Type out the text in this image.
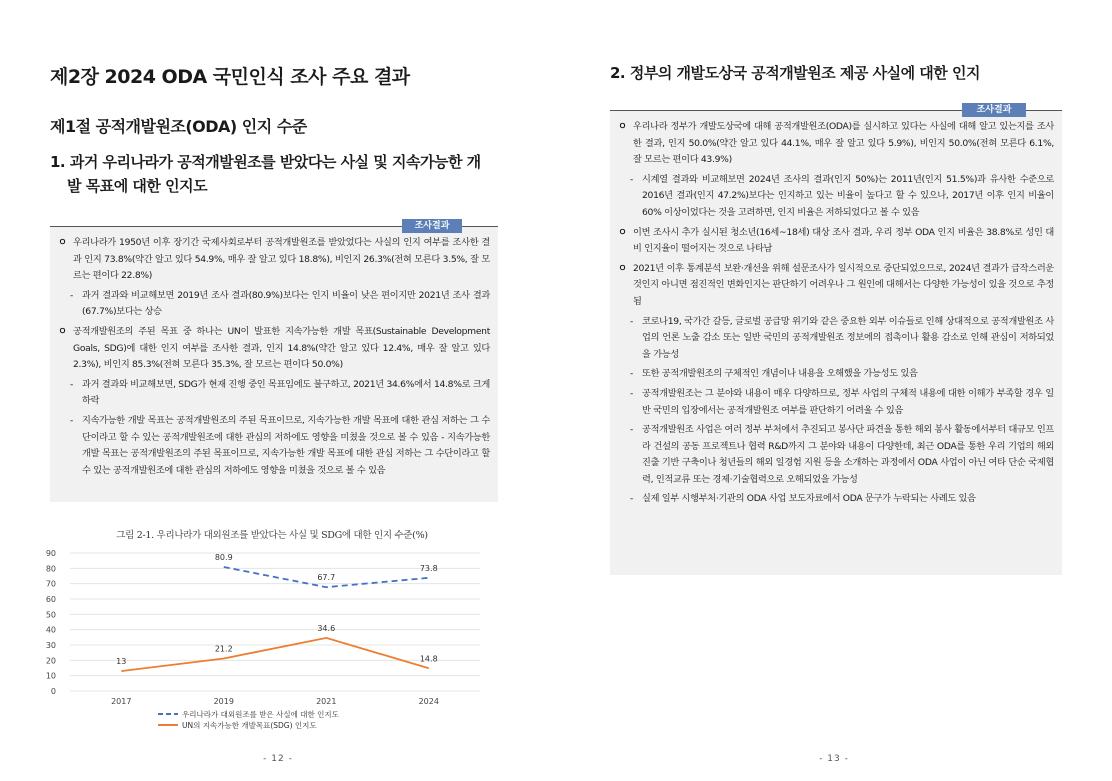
제2장 2024 ODA 국민인식 조사 주요 결과
제1절 공적개발원조(ODA) 인지 수준
1. 과거 우리나라가 공적개발원조를 받았다는 사실 및 지속가능한 개
발 목표에 대한 인지도
조사결과
ㅇ 우리나라가 1950년 이후 장기간 국제사회로부터 공적개발원조를 받았었다는 사실의 인지 여부를 조사한 결과 인지 73.8%(약간 알고 있다 54.9%, 매우 잘 알고 있다 18.8%), 비인지 26.3%(전혀 모른다 3.5%, 잘 모르는 편이다 22.8%)
- 과거 결과와 비교해보면 2019년 조사 결과(80.9%)보다는 인지 비율이 낮은 편이지만 2021년 조사 결과(67.7%)보다는 상승
ㅇ 공적개발원조의 주된 목표 중 하나는 UN이 발표한 지속가능한 개발 목표(Sustainable Development Goals, SDG)에 대한 인지 여부를 조사한 결과, 인지 14.8%(약간 알고 있다 12.4%, 매우 잘 알고 있다 2.3%), 비인지 85.3%(전혀 모른다 35.3%, 잘 모르는 편이다 50.0%)
- 과거 결과와 비교해보면, SDG가 현재 진행 중인 목표임에도 불구하고, 2021년 34.6%에서 14.8%로 크게 하락
- 지속가능한 개발 목표는 공적개발원조의 주된 목표이므로, 지속가능한 개발 목표에 대한 관심 저하는 그 수단이라고 할 수 있는 공적개발원조에 대한 관심의 저하에도 영향을 미쳤을 것으로 볼 수 있음 - 지속가능한 개발 목표는 공적개발원조의 주된 목표이므로, 지속가능한 개발 목표에 대한 관심 저하는 그 수단이라고 할 수 있는 공적개발원조에 대한 관심의 저하에도 영향을 미쳤을 것으로 볼 수 있음
그림 2-1. 우리나라가 대외원조를 받았다는 사실 및 SDG에 대한 인지 수준(%)
0
10
20
30
40
50
60
70
80
90
2017	2019	2021	2024
80.9
67.7
73.8
13
21.2
34.6
14.8
우리나라가 대외원조를 받은 사실에 대한 인지도
UN의 지속가능한 개발목표(SDG) 인지도
- 12 -
2. 정부의 개발도상국 공적개발원조 제공 사실에 대한 인지
조사결과
ㅇ 우리나라 정부가 개발도상국에 대해 공적개발원조(ODA)를 실시하고 있다는 사실에 대해 알고 있는지를 조사한 결과, 인지 50.0%(약간 알고 있다 44.1%, 매우 잘 알고 있다 5.9%), 비인지 50.0%(전혀 모른다 6.1%, 잘 모르는 편이다 43.9%)
- 시계열 결과와 비교해보면 2024년 조사의 결과(인지 50%)는 2011년(인지 51.5%)과 유사한 수준으로 2016년 결과(인지 47.2%)보다는 인지하고 있는 비율이 높다고 할 수 있으나, 2017년 이후 인지 비율이 60% 이상이었다는 것을 고려하면, 인지 비율은 저하되었다고 볼 수 있음
ㅇ 이번 조사시 추가 실시된 청소년(16세~18세) 대상 조사 결과, 우리 정부 ODA 인지 비율은 38.8%로 성인 대비 인지율이 떨어지는 것으로 나타남
ㅇ 2021년 이후 통계분석 보완·개선을 위해 설문조사가 일시적으로 중단되었으므로, 2024년 결과가 급작스러운 것인지 아니면 점진적인 변화인지는 판단하기 어려우나 그 원인에 대해서는 다양한 가능성이 있을 것으로 추정됨
- 코로나19, 국가간 갈등, 글로벌 공급망 위기와 같은 중요한 외부 이슈들로 인해 상대적으로 공적개발원조 사업의 언론 노출 감소 또는 일반 국민의 공적개발원조 정보에의 접촉이나 활용 감소로 인해 관심이 저하되었을 가능성
- 또한 공적개발원조의 구체적인 개념이나 내용을 오해했을 가능성도 있음
- 공적개발원조는 그 분야와 내용이 매우 다양하므로, 정부 사업의 구체적 내용에 대한 이해가 부족할 경우 일반 국민의 입장에서는 공적개발원조 여부를 판단하기 어려울 수 있음
- 공적개발원조 사업은 여러 정부 부처에서 추진되고 봉사단 파견을 통한 해외 봉사 활동에서부터 대규모 인프라 건설의 공동 프로젝트나 협력 R&D까지 그 분야와 내용이 다양한데, 최근 ODA를 통한 우리 기업의 해외 진출 기반 구축이나 청년들의 해외 일경험 지원 등을 소개하는 과정에서 ODA 사업이 아닌 여타 단순 국제협력, 인적교류 또는 경제·기술협력으로 오해되었을 가능성
- 실제 일부 시행부처·기관의 ODA 사업 보도자료에서 ODA 문구가 누락되는 사례도 있음
- 13 -
